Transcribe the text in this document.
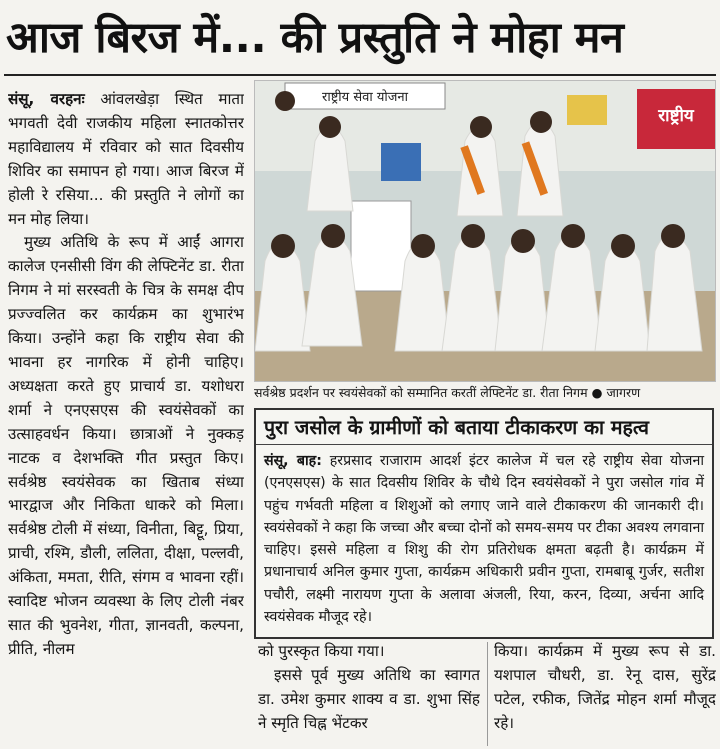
आज बिरज में... की प्रस्तुति ने मोहा मन

संसू, वरहनः आंवलखेड़ा स्थित माता भगवती देवी राजकीय महिला स्नातकोत्तर महाविद्यालय में रविवार को सात दिवसीय शिविर का समापन हो गया। आज बिरज में होली रे रसिया... की प्रस्तुति ने लोगों का मन मोह लिया।

मुख्य अतिथि के रूप में आईं आगरा कालेज एनसीसी विंग की लेफ्टिनेंट डा. रीता निगम ने मां सरस्वती के चित्र के समक्ष दीप प्रज्ज्वलित कर कार्यक्रम का शुभारंभ किया। उन्होंने कहा कि राष्ट्रीय सेवा की भावना हर नागरिक में होनी चाहिए।अध्यक्षता करते हुए प्राचार्य डा. यशोधरा शर्मा ने एनएसएस की स्वयंसेवकों का उत्साहवर्धन किया। छात्राओं ने नुक्कड़ नाटक व देशभक्ति गीत प्रस्तुत किए। सर्वश्रेष्ठ स्वयंसेवक का खिताब संध्या भारद्वाज और निकिता धाकरे को मिला। सर्वश्रेष्ठ टोली में संध्या, विनीता, बिट्टू, प्रिया, प्राची, रश्मि, डौली, ललिता, दीक्षा, पल्लवी, अंकिता, ममता, रीति, संगम व भावना रहीं। स्वादिष्ट भोजन व्यवस्था के लिए टोली नंबर सात की भुवनेश, गीता, ज्ञानवती, कल्पना, प्रीति, नीलम

राष्ट्रीय सेवा योजना
राष्ट्रीय
सर्वश्रेष्ठ प्रदर्शन पर स्वयंसेवकों को सम्मानित करतीं लेफ्टिनेंट डा. रीता निगम ● जागरण
पुरा जसोल के ग्रामीणों को बताया टीकाकरण का महत्व
संसू, बाह: हरप्रसाद राजाराम आदर्श इंटर कालेज में चल रहे राष्ट्रीय सेवा योजना (एनएसएस) के सात दिवसीय शिविर के चौथे दिन स्वयंसेवकों ने पुरा जसोल गांव में पहुंच गर्भवती महिला व शिशुओं को लगाए जाने वाले टीकाकरण की जानकारी दी। स्वयंसेवकों ने कहा कि जच्चा और बच्चा दोनों को समय-समय पर टीका अवश्य लगवाना चाहिए। इससे महिला व शिशु की रोग प्रतिरोधक क्षमता बढ़ती है। कार्यक्रम में प्रधानाचार्य अनिल कुमार गुप्ता, कार्यक्रम अधिकारी प्रवीन गुप्ता, रामबाबू गुर्जर, सतीश पचौरी, लक्ष्मी नारायण गुप्ता के अलावा अंजली, रिया, करन, दिव्या, अर्चना आदि स्वयंसेवक मौजूद रहे।

को पुरस्कृत किया गया।

इससे पूर्व मुख्य अतिथि का स्वागत डा. उमेश कुमार शाक्य व डा. शुभा सिंह ने स्मृति चिह्न भेंटकर

किया। कार्यक्रम में मुख्य रूप से डा. यशपाल चौधरी, डा. रेनू दास, सुरेंद्र पटेल, रफीक, जितेंद्र मोहन शर्मा मौजूद रहे।
